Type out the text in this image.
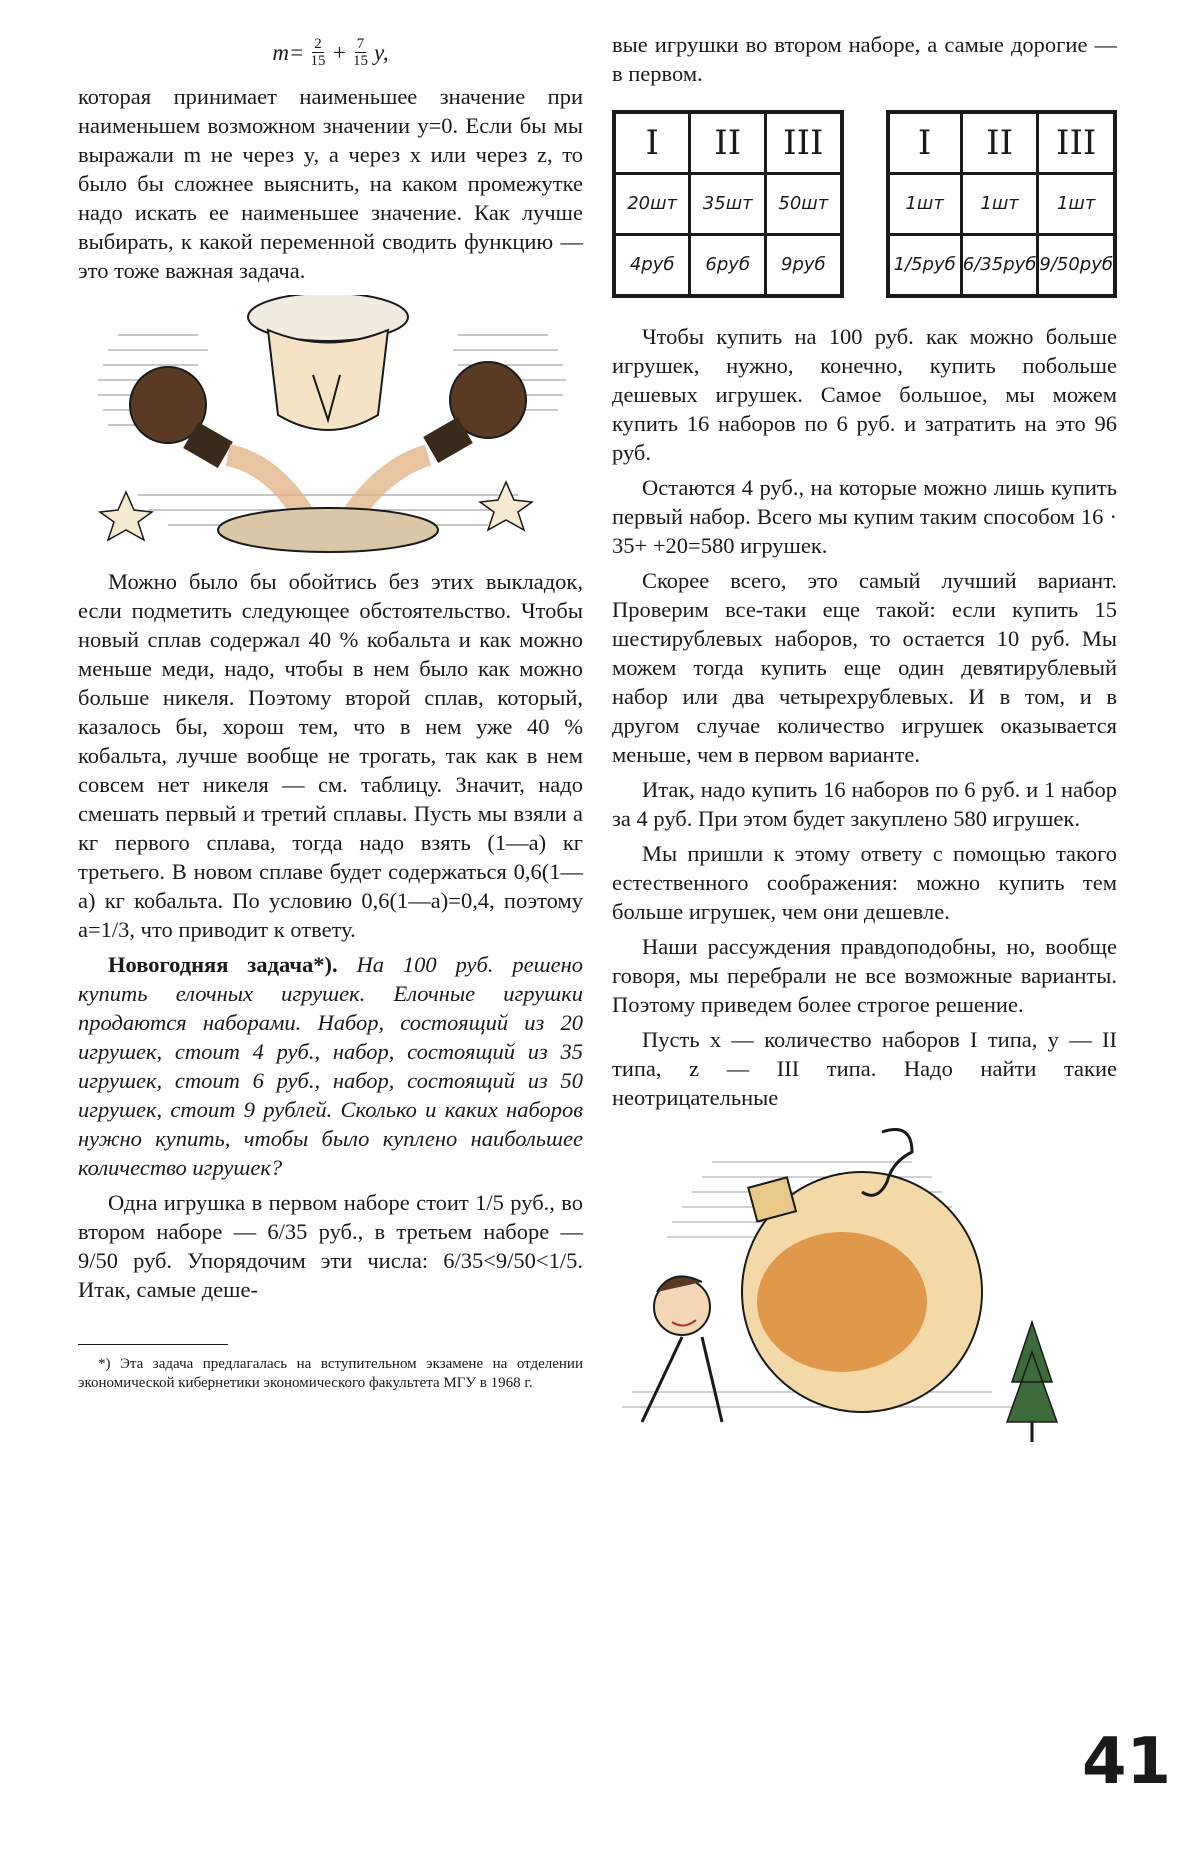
$m= \frac{2}{15} + \frac{7}{15} y$,

которая принимает наименьшее значение при наименьшем возможном значении y=0. Если бы мы выражали m не через y, а через x или через z, то было бы сложнее выяснить, на каком промежутке надо искать ее наименьшее значение. Как лучше выбирать, к какой переменной сводить функцию — это тоже важная задача.

Можно было бы обойтись без этих выкладок, если подметить следующее обстоятельство. Чтобы новый сплав содержал 40 % кобальта и как можно меньше меди, надо, чтобы в нем было как можно больше никеля. Поэтому второй сплав, который, казалось бы, хорош тем, что в нем уже 40 % кобальта, лучше вообще не трогать, так как в нем совсем нет никеля — см. таблицу. Значит, надо смешать первый и третий сплавы. Пусть мы взяли a кг первого сплава, тогда надо взять (1—a) кг третьего. В новом сплаве будет содержаться 0,6(1—a) кг кобальта. По условию 0,6(1—a)=0,4, поэтому a=1/3, что приводит к ответу.

Новогодняя задача*). На 100 руб. решено купить елочных игрушек. Елочные игрушки продаются наборами. Набор, состоящий из 20 игрушек, стоит 4 руб., набор, состоящий из 35 игрушек, стоит 6 руб., набор, состоящий из 50 игрушек, стоит 9 рублей. Сколько и каких наборов нужно купить, чтобы было куплено наибольшее количество игрушек?

Одна игрушка в первом наборе стоит 1/5 руб., во втором наборе — 6/35 руб., в третьем наборе — 9/50 руб. Упорядочим эти числа: 6/35<9/50<1/5. Итак, самые деше-

*) Эта задача предлагалась на вступительном экзамене на отделении экономической кибернетики экономического факультета МГУ в 1968 г.

вые игрушки во втором наборе, а самые дорогие — в первом.

I	II	III
20шт	35шт	50шт
4руб	6руб	9руб
I	II	III
1шт	1шт	1шт
1/5руб	6/35руб	9/50руб

Чтобы купить на 100 руб. как можно больше игрушек, нужно, конечно, купить побольше дешевых игрушек. Самое большое, мы можем купить 16 наборов по 6 руб. и затратить на это 96 руб.

Остаются 4 руб., на которые можно лишь купить первый набор. Всего мы купим таким способом 16 · 35+ +20=580 игрушек.

Скорее всего, это самый лучший вариант. Проверим все-таки еще такой: если купить 15 шестирублевых наборов, то остается 10 руб. Мы можем тогда купить еще один девятирублевый набор или два четырехрублевых. И в том, и в другом случае количество игрушек оказывается меньше, чем в первом варианте.

Итак, надо купить 16 наборов по 6 руб. и 1 набор за 4 руб. При этом будет закуплено 580 игрушек.

Мы пришли к этому ответу с помощью такого естественного соображения: можно купить тем больше игрушек, чем они дешевле.

Наши рассуждения правдоподобны, но, вообще говоря, мы перебрали не все возможные варианты. Поэтому приведем более строгое решение.

Пусть x — количество наборов I типа, y — II типа, z — III типа. Надо найти такие неотрицательные

41
